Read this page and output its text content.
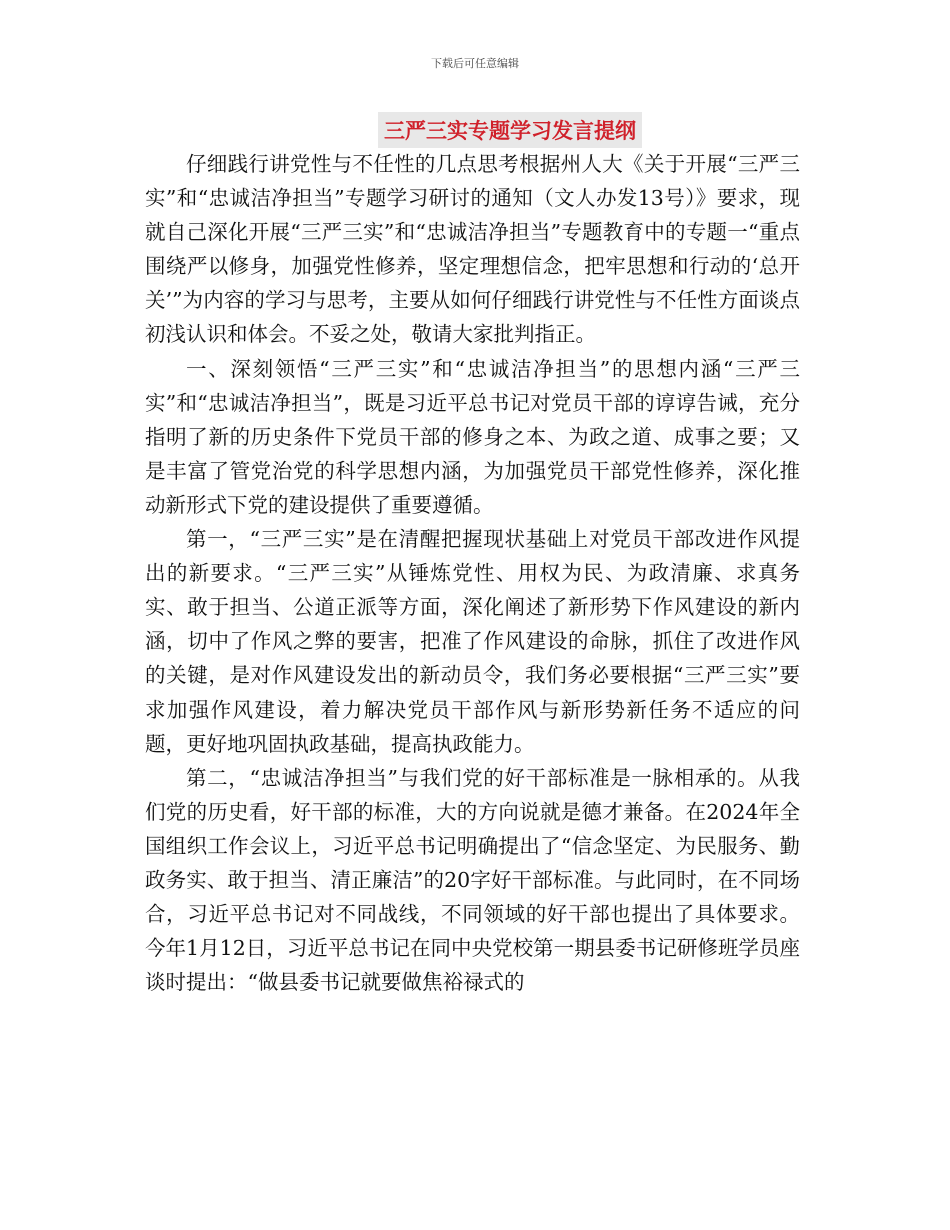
下载后可任意编辑
三严三实专题学习发言提纲

仔细践行讲党性与不任性的几点思考根据州人大《关于开展“三严三实”和“忠诚洁净担当”专题学习研讨的通知（文人办发13号）》要求，现就自己深化开展“三严三实”和“忠诚洁净担当”专题教育中的专题一“重点围绕严以修身，加强党性修养，坚定理想信念，把牢思想和行动的‘总开关’”为内容的学习与思考，主要从如何仔细践行讲党性与不任性方面谈点初浅认识和体会。不妥之处，敬请大家批判指正。

一、深刻领悟“三严三实”和“忠诚洁净担当”的思想内涵“三严三实”和“忠诚洁净担当”，既是习近平总书记对党员干部的谆谆告诫，充分指明了新的历史条件下党员干部的修身之本、为政之道、成事之要；又是丰富了管党治党的科学思想内涵，为加强党员干部党性修养，深化推动新形式下党的建设提供了重要遵循。

第一，“三严三实”是在清醒把握现状基础上对党员干部改进作风提出的新要求。“三严三实”从锤炼党性、用权为民、为政清廉、求真务实、敢于担当、公道正派等方面，深化阐述了新形势下作风建设的新内涵，切中了作风之弊的要害，把准了作风建设的命脉，抓住了改进作风的关键，是对作风建设发出的新动员令，我们务必要根据“三严三实”要求加强作风建设，着力解决党员干部作风与新形势新任务不适应的问题，更好地巩固执政基础，提高执政能力。

第二，“忠诚洁净担当”与我们党的好干部标准是一脉相承的。从我们党的历史看，好干部的标准，大的方向说就是德才兼备。在2024年全国组织工作会议上，习近平总书记明确提出了“信念坚定、为民服务、勤政务实、敢于担当、清正廉洁”的20字好干部标准。与此同时，在不同场合，习近平总书记对不同战线，不同领域的好干部也提出了具体要求。今年1月12日，习近平总书记在同中央党校第一期县委书记研修班学员座谈时提出：“做县委书记就要做焦裕禄式的
